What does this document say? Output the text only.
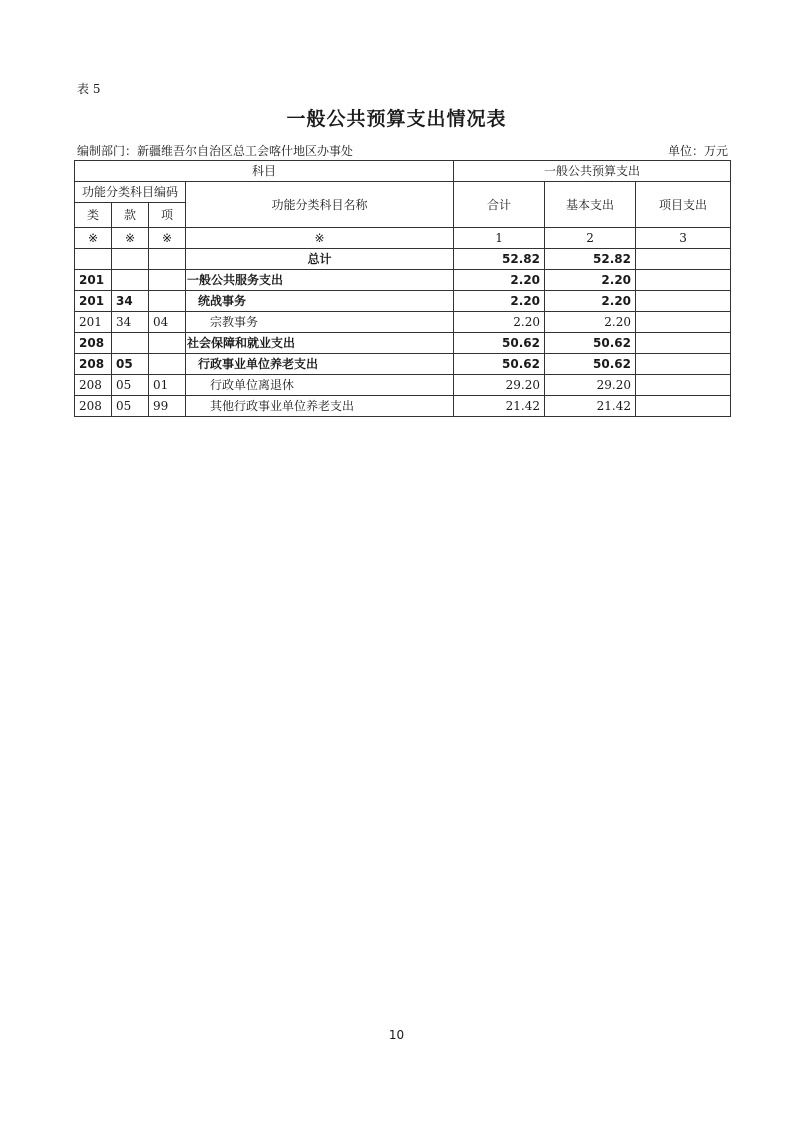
表 5
一般公共预算支出情况表
编制部门：新疆维吾尔自治区总工会喀什地区办事处	单位：万元
科目				一般公共预算支出		
功能分类科目编码			功能分类科目名称	合计	基本支出	项目支出
类	款	项				
※	※	※	※	1	2	3
			总计	52.82	52.82	
201			一般公共服务支出	2.20	2.20	
201	34		统战事务	2.20	2.20	
201	34	04	宗教事务	2.20	2.20	
208			社会保障和就业支出	50.62	50.62	
208	05		行政事业单位养老支出	50.62	50.62	
208	05	01	行政单位离退休	29.20	29.20	
208	05	99	其他行政事业单位养老支出	21.42	21.42	
10
